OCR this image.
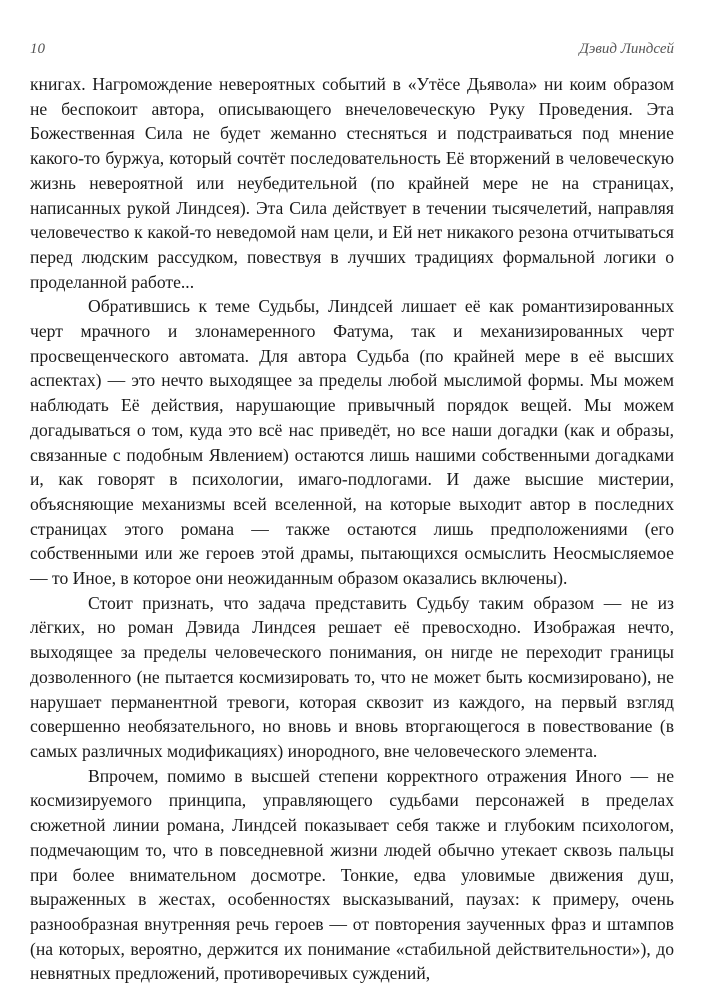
10	Дэвид Линдсей

книгах. Нагромождение невероятных событий в «Утёсе Дьявола» ни коим образом не беспокоит автора, описывающего внечеловеческую Руку Проведения. Эта Божественная Сила не будет жеманно стесняться и подстраиваться под мнение какого-то буржуа, который сочтёт последовательность Её вторжений в человеческую жизнь невероятной или неубедительной (по крайней мере не на страницах, написанных рукой Линдсея). Эта Сила действует в течении тысячелетий, направляя человечество к какой-то неведомой нам цели, и Ей нет никакого резона отчитываться перед людским рассудком, повествуя в лучших традициях формальной логики о проделанной работе...

Обратившись к теме Судьбы, Линдсей лишает её как романтизированных черт мрачного и злонамеренного Фатума, так и механизированных черт просвещенческого автомата. Для автора Судьба (по крайней мере в её высших аспектах) — это нечто выходящее за пределы любой мыслимой формы. Мы можем наблюдать Её действия, нарушающие привычный порядок вещей. Мы можем догадываться о том, куда это всё нас приведёт, но все наши догадки (как и образы, связанные с подобным Явлением) остаются лишь нашими собственными догадками и, как говорят в психологии, имаго-подлогами. И даже высшие мистерии, объясняющие механизмы всей вселенной, на которые выходит автор в последних страницах этого романа — также остаются лишь предположениями (его собственными или же героев этой драмы, пытающихся осмыслить Неосмысляемое — то Иное, в которое они неожиданным образом оказались включены).

Стоит признать, что задача представить Судьбу таким образом — не из лёгких, но роман Дэвида Линдсея решает её превосходно. Изображая нечто, выходящее за пределы человеческого понимания, он нигде не переходит границы дозволенного (не пытается космизировать то, что не может быть космизировано), не нарушает перманентной тревоги, которая сквозит из каждого, на первый взгляд совершенно необязательного, но вновь и вновь вторгающегося в повествование (в самых различных модификациях) инородного, вне человеческого элемента.

Впрочем, помимо в высшей степени корректного отражения Иного — не космизируемого принципа, управляющего судьбами персонажей в пределах сюжетной линии романа, Линдсей показывает себя также и глубоким психологом, подмечающим то, что в повседневной жизни людей обычно утекает сквозь пальцы при более внимательном досмотре. Тонкие, едва уловимые движения душ, выраженных в жестах, особенностях высказываний, паузах: к примеру, очень разнообразная внутренняя речь героев — от повторения заученных фраз и штампов (на которых, вероятно, держится их понимание «стабильной действительности»), до невнятных предложений, противоречивых суждений,
